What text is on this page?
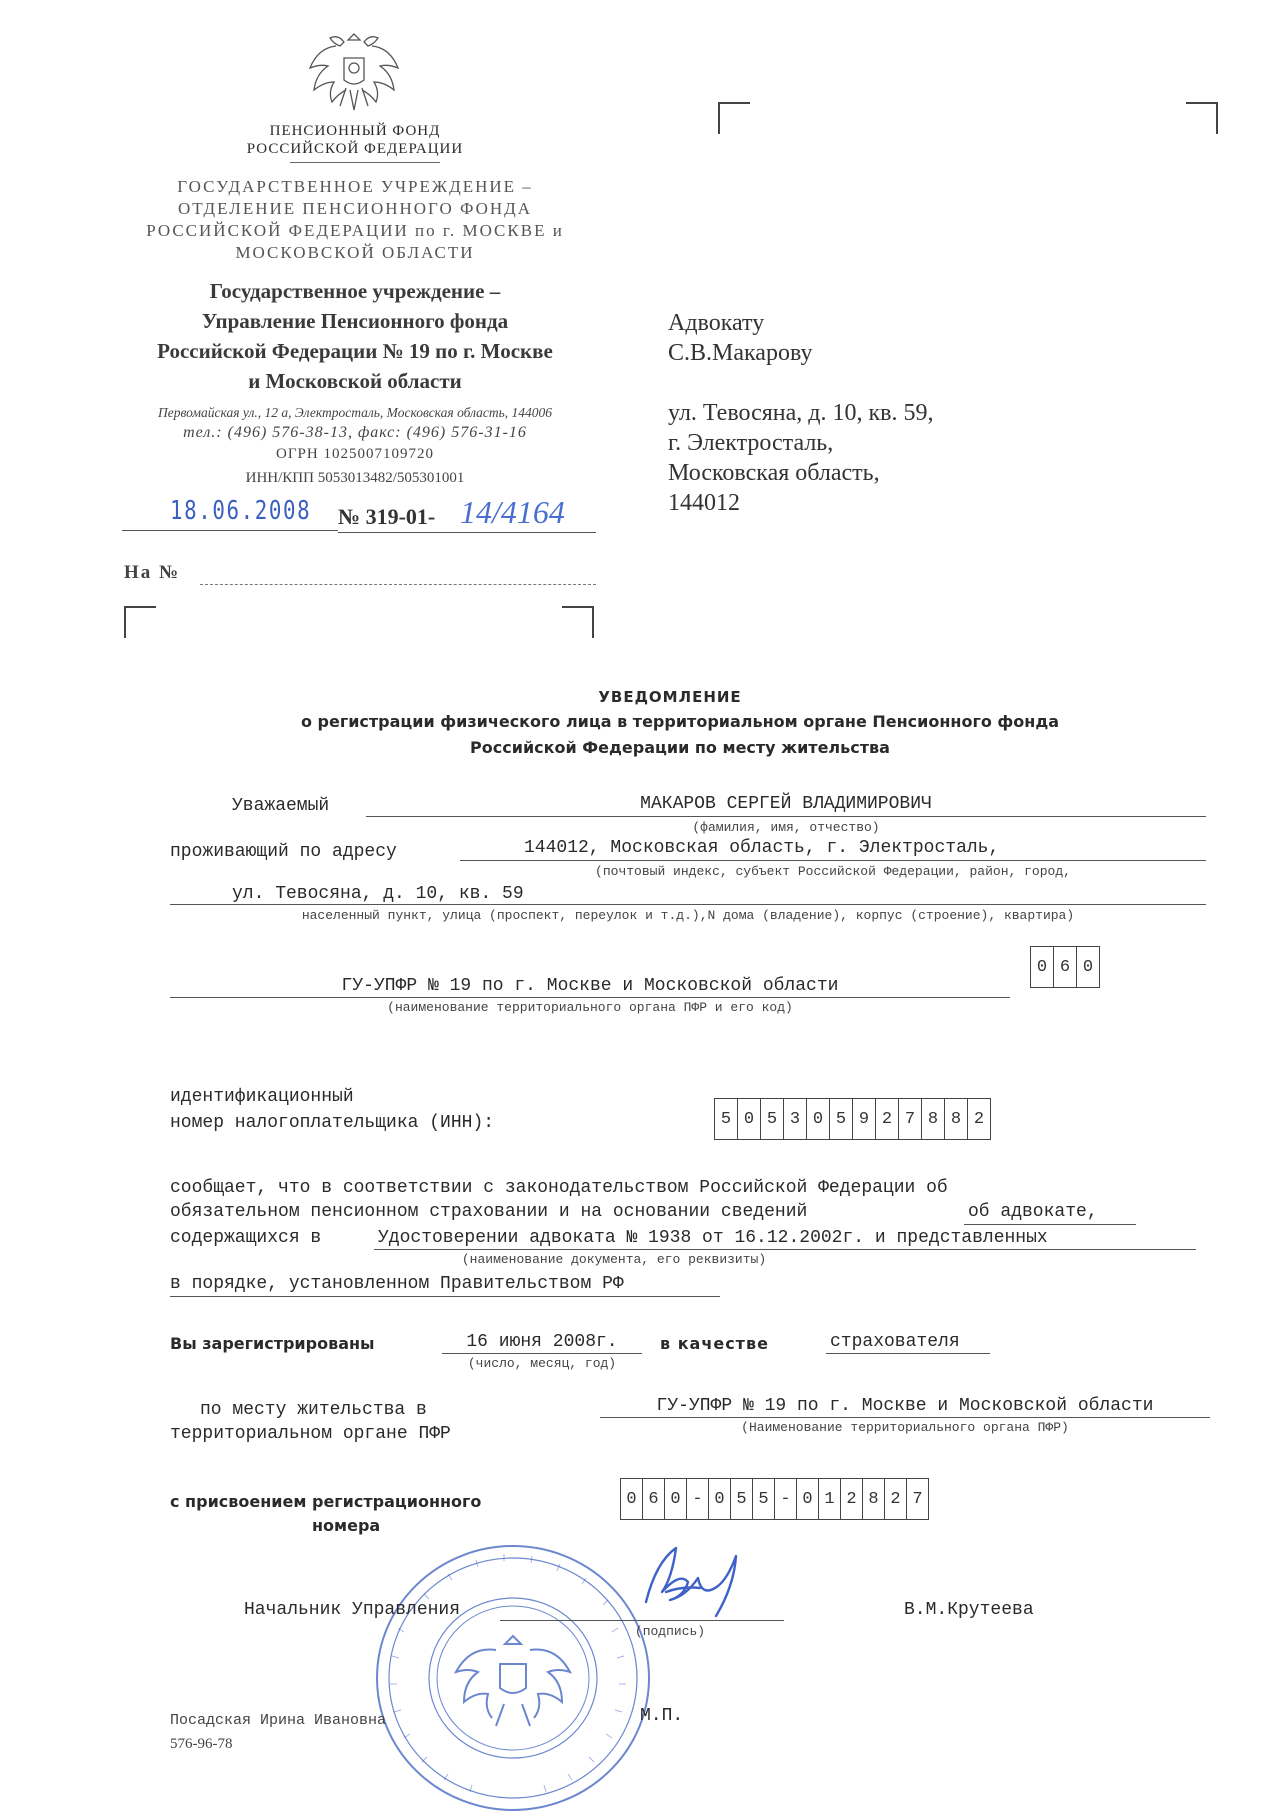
ПЕНСИОННЫЙ ФОНД
РОССИЙСКОЙ ФЕДЕРАЦИИ
ГОСУДАРСТВЕННОЕ УЧРЕЖДЕНИЕ –
ОТДЕЛЕНИЕ ПЕНСИОННОГО ФОНДА
РОССИЙСКОЙ ФЕДЕРАЦИИ по г. МОСКВЕ и
МОСКОВСКОЙ ОБЛАСТИ
Государственное учреждение –
Управление Пенсионного фонда
Российской Федерации № 19 по г. Москве
и Московской области
Первомайская ул., 12 а, Электросталь, Московская область, 144006
тел.: (496) 576-38-13, факс: (496) 576-31-16
ОГРН 1025007109720
ИНН/КПП 5053013482/505301001
18.06.2008 № 319-01- 14/4164
На №
Адвокату
С.В.Макарову
ул. Тевосяна, д. 10, кв. 59,
г. Электросталь,
Московская область,
144012
УВЕДОМЛЕНИЕ
о регистрации физического лица в территориальном органе Пенсионного фонда
Российской Федерации по месту жительства
Уважаемый	МАКАРОВ СЕРГЕЙ ВЛАДИМИРОВИЧ
(фамилия, имя, отчество)
проживающий по адресу	144012, Московская область, г. Электросталь,
(почтовый индекс, субъект Российской Федерации, район, город,
ул. Тевосяна, д. 10, кв. 59
населенный пункт, улица (проспект, переулок и т.д.),N дома (владение), корпус (строение), квартира)
ГУ-УПФР № 19 по г. Москве и Московской области
(наименование территориального органа ПФР и его код)
0 6 0
идентификационный
номер налогоплательщика (ИНН):	5 0 5 3 0 5 9 2 7 8 8 2
сообщает, что в соответствии с законодательством Российской Федерации об
обязательном пенсионном страховании и на основании сведений	об адвокате,
содержащихся в	Удостоверении адвоката № 1938 от 16.12.2002г. и представленных
(наименование документа, его реквизиты)
в порядке, установленном Правительством РФ
Вы зарегистрированы	16 июня 2008г.
(число, месяц, год)
в качестве	страхователя
по месту жительства в
территориальном органе ПФР
ГУ-УПФР № 19 по г. Москве и Московской области
(Наименование территориального органа ПФР)
с присвоением регистрационного
номера
0 6 0 - 0 5 5 - 0 1 2 8 2 7
Начальник Управления
(подпись)
В.М.Крутеева
М.П.
Посадская Ирина Ивановна
576-96-78
